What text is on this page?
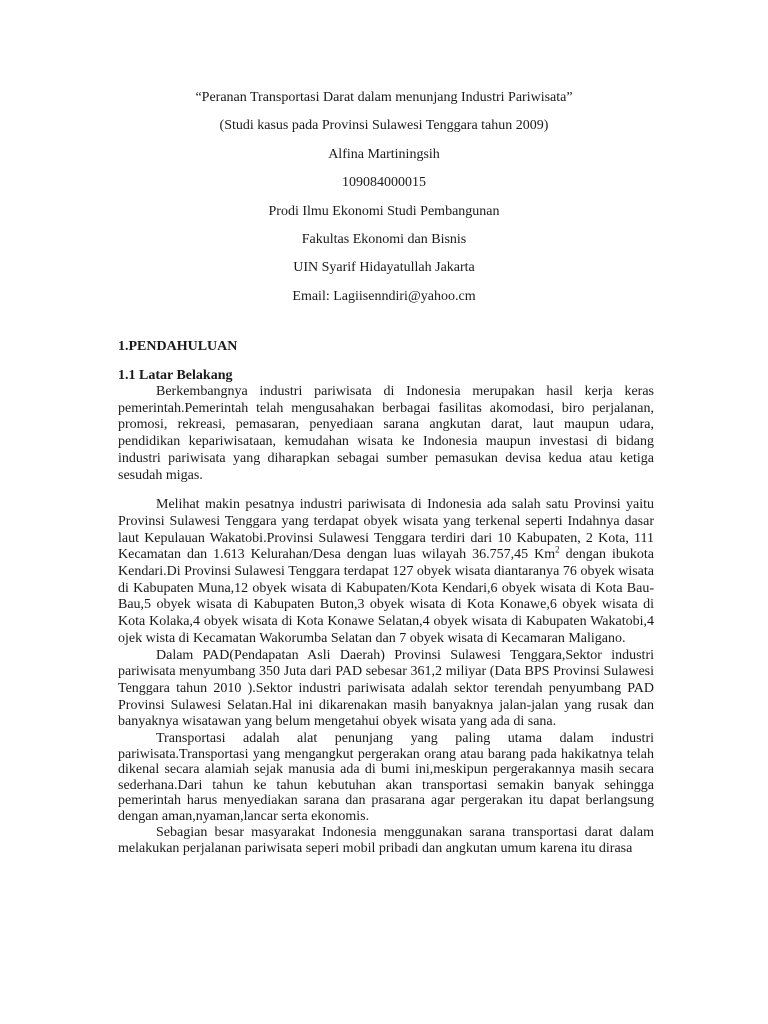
“Peranan Transportasi Darat dalam menunjang Industri Pariwisata”
(Studi kasus pada Provinsi Sulawesi Tenggara tahun 2009)
Alfina Martiningsih
109084000015
Prodi Ilmu Ekonomi Studi Pembangunan
Fakultas Ekonomi dan Bisnis
UIN Syarif Hidayatullah Jakarta
Email: Lagiisenndiri@yahoo.cm
1.PENDAHULUAN
1.1 Latar Belakang

Berkembangnya industri pariwisata di Indonesia merupakan hasil kerja keras pemerintah.Pemerintah telah mengusahakan berbagai fasilitas akomodasi, biro perjalanan, promosi, rekreasi, pemasaran, penyediaan sarana angkutan darat, laut maupun udara, pendidikan kepariwisataan, kemudahan wisata ke Indonesia maupun investasi di bidang industri pariwisata yang diharapkan sebagai sumber pemasukan devisa kedua atau ketiga sesudah migas.

Melihat makin pesatnya industri pariwisata di Indonesia ada salah satu Provinsi yaitu Provinsi Sulawesi Tenggara yang terdapat obyek wisata yang terkenal seperti Indahnya dasar laut Kepulauan Wakatobi.Provinsi Sulawesi Tenggara terdiri dari 10 Kabupaten, 2 Kota, 111 Kecamatan dan 1.613 Kelurahan/Desa dengan luas wilayah 36.757,45 Km$^2$ dengan ibukota Kendari.Di Provinsi Sulawesi Tenggara terdapat 127 obyek wisata diantaranya 76 obyek wisata di Kabupaten Muna,12 obyek wisata di Kabupaten/Kota Kendari,6 obyek wisata di Kota Bau-Bau,5 obyek wisata di Kabupaten Buton,3 obyek wisata di Kota Konawe,6 obyek wisata di Kota Kolaka,4 obyek wisata di Kota Konawe Selatan,4 obyek wisata di Kabupaten Wakatobi,4 ojek wista di Kecamatan Wakorumba Selatan dan 7 obyek wisata di Kecamaran Maligano.

Dalam PAD(Pendapatan Asli Daerah) Provinsi Sulawesi Tenggara,Sektor industri pariwisata menyumbang 350 Juta dari PAD sebesar 361,2 miliyar (Data BPS Provinsi Sulawesi Tenggara tahun 2010 ).Sektor industri pariwisata adalah sektor terendah penyumbang PAD Provinsi Sulawesi Selatan.Hal ini dikarenakan masih banyaknya jalan-jalan yang rusak dan banyaknya wisatawan yang belum mengetahui obyek wisata yang ada di sana.

Transportasi adalah alat penunjang yang paling utama dalam industri pariwisata.Transportasi yang mengangkut pergerakan orang atau barang pada hakikatnya telah dikenal secara alamiah sejak manusia ada di bumi ini,meskipun pergerakannya masih secara sederhana.Dari tahun ke tahun kebutuhan akan transportasi semakin banyak sehingga pemerintah harus menyediakan sarana dan prasarana agar pergerakan itu dapat berlangsung dengan aman,nyaman,lancar serta ekonomis.

Sebagian besar masyarakat Indonesia menggunakan sarana transportasi darat dalam melakukan perjalanan pariwisata seperi mobil pribadi dan angkutan umum karena itu dirasa
